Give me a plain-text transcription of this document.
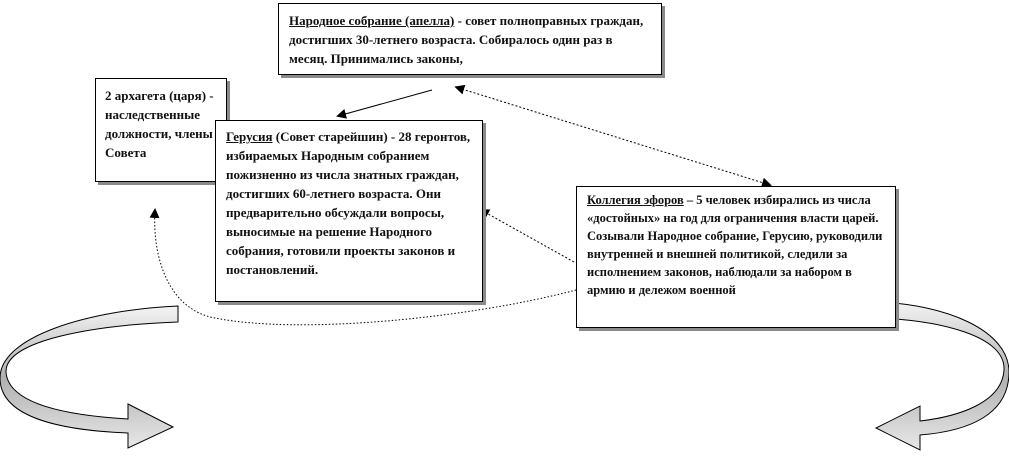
Народное собрание (апелла) - совет полноправных граждан, достигших 30-летнего возраста. Собиралось один раз в месяц. Принимались законы,
2 архагета (царя) - наследственные должности, члены Совета
Герусия (Совет старейшин) - 28 геронтов, избираемых Народным собранием пожизненно из числа знатных граждан, достигших 60-летнего возраста. Они предварительно обсуждали вопросы, выносимые на решение Народного собрания, готовили проекты законов и постановлений.
Коллегия эфоров – 5 человек избирались из числа «достойных» на год для ограничения власти царей. Созывали Народное собрание, Герусию, руководили внутренней и внешней политикой, следили за исполнением законов, наблюдали за набором в армию и дележом военной
